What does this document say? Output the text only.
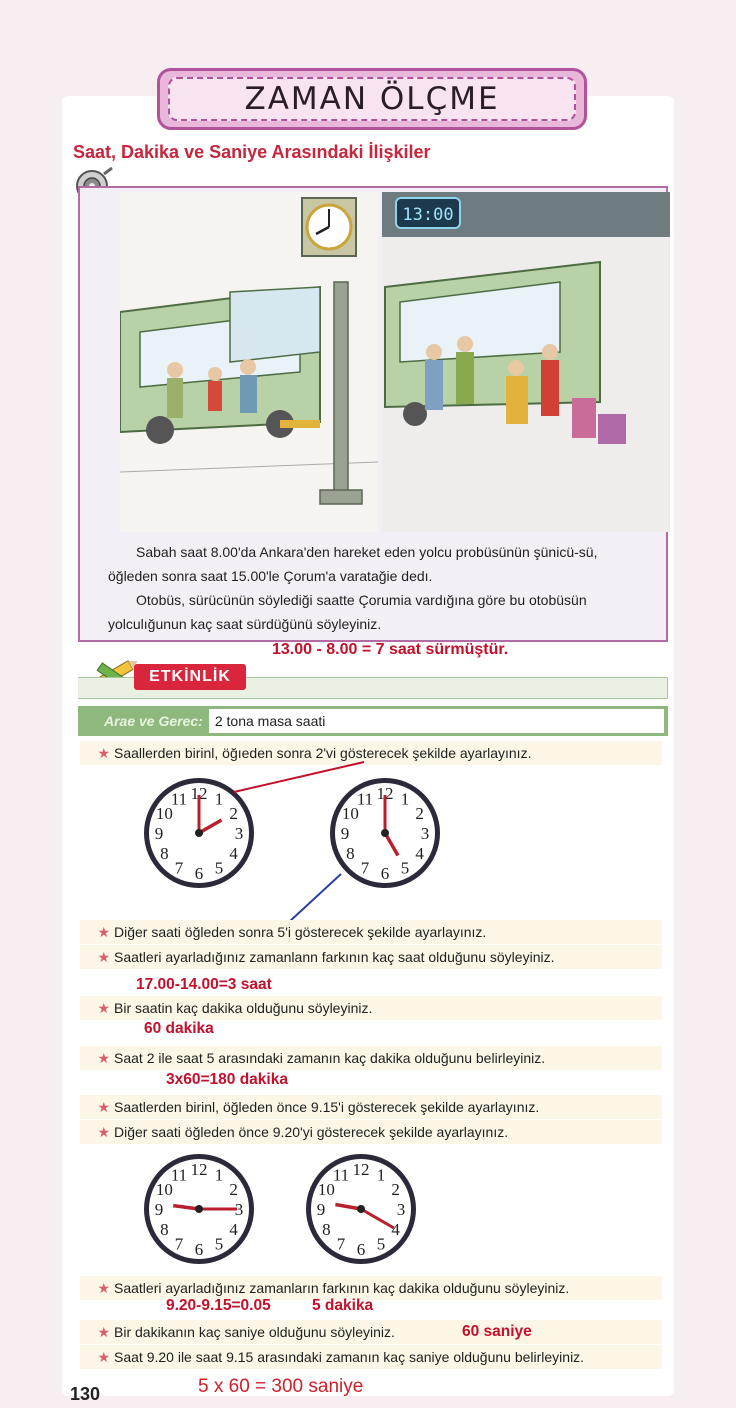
ZAMAN ÖLÇME
Saat, Dakika ve Saniye Arasındaki İlişkiler
13:00

Sabah saat 8.00'da Ankara'den hareket eden yolcu probüsünün şünicü-sü, öğleden sonra saat 15.00'le Çorum'a varatağie dedı.

Otobüs, sürücünün söylediği saatte Çorumia vardığına göre bu otobüsün yolculığunun kaç saat sürdüğünü söyleyiniz.

13.00 - 8.00 = 7 saat sürmüştür.
ETKİNLİK
Arae ve Gerec: 2 tona masa saati
★ Saallerden birinl, öğıeden sonra 2'vi gösterecek şekilde ayarlayınız.
12 1
2
3
4
5
6
7
8
9
10
11	12 1
2
3
4
5
6
7
8
9
10
11
★ Diğer saati öğleden sonra 5'i gösterecek şekilde ayarlayınız.
★ Saatleri ayarladığınız zamanlann farkının kaç saat olduğunu söyleyiniz.
17.00-14.00=3 saat
★ Bir saatin kaç dakika olduğunu söyleyiniz.
60 dakika
★ Saat 2 ile saat 5 arasındaki zamanın kaç dakika olduğunu belirleyiniz.
3x60=180 dakika
★ Saatlerden birinl, öğleden önce 9.15'i gösterecek şekilde ayarlayınız.
★ Diğer saati öğleden önce 9.20'yi gösterecek şekilde ayarlayınız.
12 1
2
3
4
5
6
7
8
9
10
11	12 1
2
3
4
5
6
7
8
9
10
11
★ Saatleri ayarladığınız zamanların farkının kaç dakika olduğunu söyleyiniz.
9.20-9.15=0.05	5 dakika
★ Bir dakikanın kaç saniye olduğunu söyleyiniz.	60 saniye
★ Saat 9.20 ile saat 9.15 arasındaki zamanın kaç saniye olduğunu belirleyiniz.
5 x 60 = 300 saniye
130
